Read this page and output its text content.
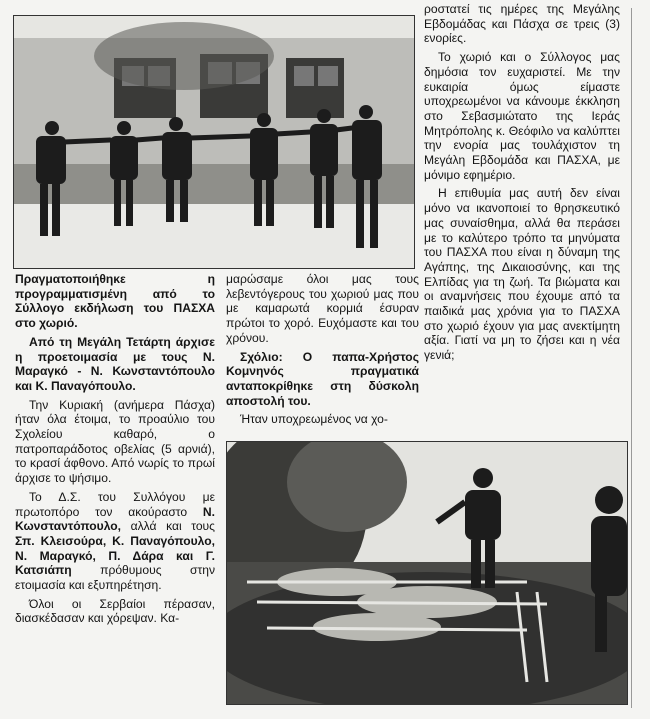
Πραγματοποιήθηκε η προγραμματισμένη από το Σύλλογο εκδήλωση του ΠΑΣΧΑ στο χωριό.

Από τη Μεγάλη Τετάρτη άρχισε η προετοιμασία με τους Ν. Μαραγκό - Ν. Κωνσταντόπουλο και Κ. Παναγόπουλο.

Την Κυριακή (ανήμερα Πάσχα) ήταν όλα έτοιμα, το προαύλιο του Σχολείου καθαρό, ο πατροπαράδοτος οβελίας (5 αρνιά), το κρασί άφθονο. Από νωρίς το πρωί άρχισε το ψήσιμο.

Το Δ.Σ. του Συλλόγου με πρωτοπόρο τον ακούραστο Ν. Κωνσταντόπουλο, αλλά και τους Σπ. Κλεισούρα, Κ. Παναγόπουλο, Ν. Μαραγκό, Π. Δάρα και Γ. Κατσιάπη πρόθυμους στην ετοιμασία και εξυπηρέτηση.

Όλοι οι Σερβαίοι πέρασαν, διασκέδασαν και χόρεψαν. Κα-

μαρώσαμε όλοι μας τους λεβεντόγερους του χωριού μας που με καμαρωτά κορμιά έσυραν πρώτοι το χορό. Ευχόμαστε και του χρόνου.

Σχόλιο: Ο παπα-Χρήστος Κομνηνός πραγματικά ανταποκρίθηκε στη δύσκολη αποστολή του.

Ήταν υποχρεωμένος να χο-

ροστατεί τις ημέρες της Μεγάλης Εβδομάδας και Πάσχα σε τρεις (3) ενορίες.

Το χωριό και ο Σύλλογος μας δημόσια τον ευχαριστεί. Με την ευκαιρία όμως είμαστε υποχρεωμένοι να κάνουμε έκκληση στο Σεβασμιώτατο της Ιεράς Μητρόπολης κ. Θεόφιλο να καλύπτει την ενορία μας τουλάχιστον τη Μεγάλη Εβδομάδα και ΠΑΣΧΑ, με μόνιμο εφημέριο.

Η επιθυμία μας αυτή δεν είναι μόνο να ικανοποιεί το θρησκευτικό μας συναίσθημα, αλλά θα περάσει με το καλύτερο τρόπο τα μηνύματα του ΠΑΣΧΑ που είναι η δύναμη της Αγάπης, της Δικαιοσύνης, και της Ελπίδας για τη ζωή. Τα βιώματα και οι αναμνήσεις που έχουμε από τα παιδικά μας χρόνια για το ΠΑΣΧΑ στο χωριό έχουν για μας ανεκτίμητη αξία. Γιατί να μη το ζήσει και η νέα γενιά;
